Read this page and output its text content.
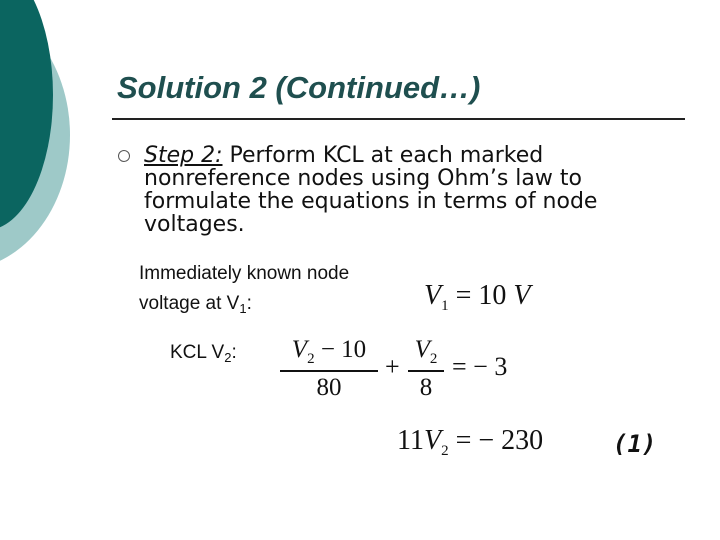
Solution 2 (Continued…)
Step 2: Perform KCL at each marked nonreference nodes using Ohm’s law to formulate the equations in terms of node voltages.
Immediately known node
voltage at $V_1$:	$V_1 = 10$ V
KCL $V_2$:	$V_2 - 10$
80
+
$V_2$
8
= − 3
$11V_2$ = − 230	(1)
